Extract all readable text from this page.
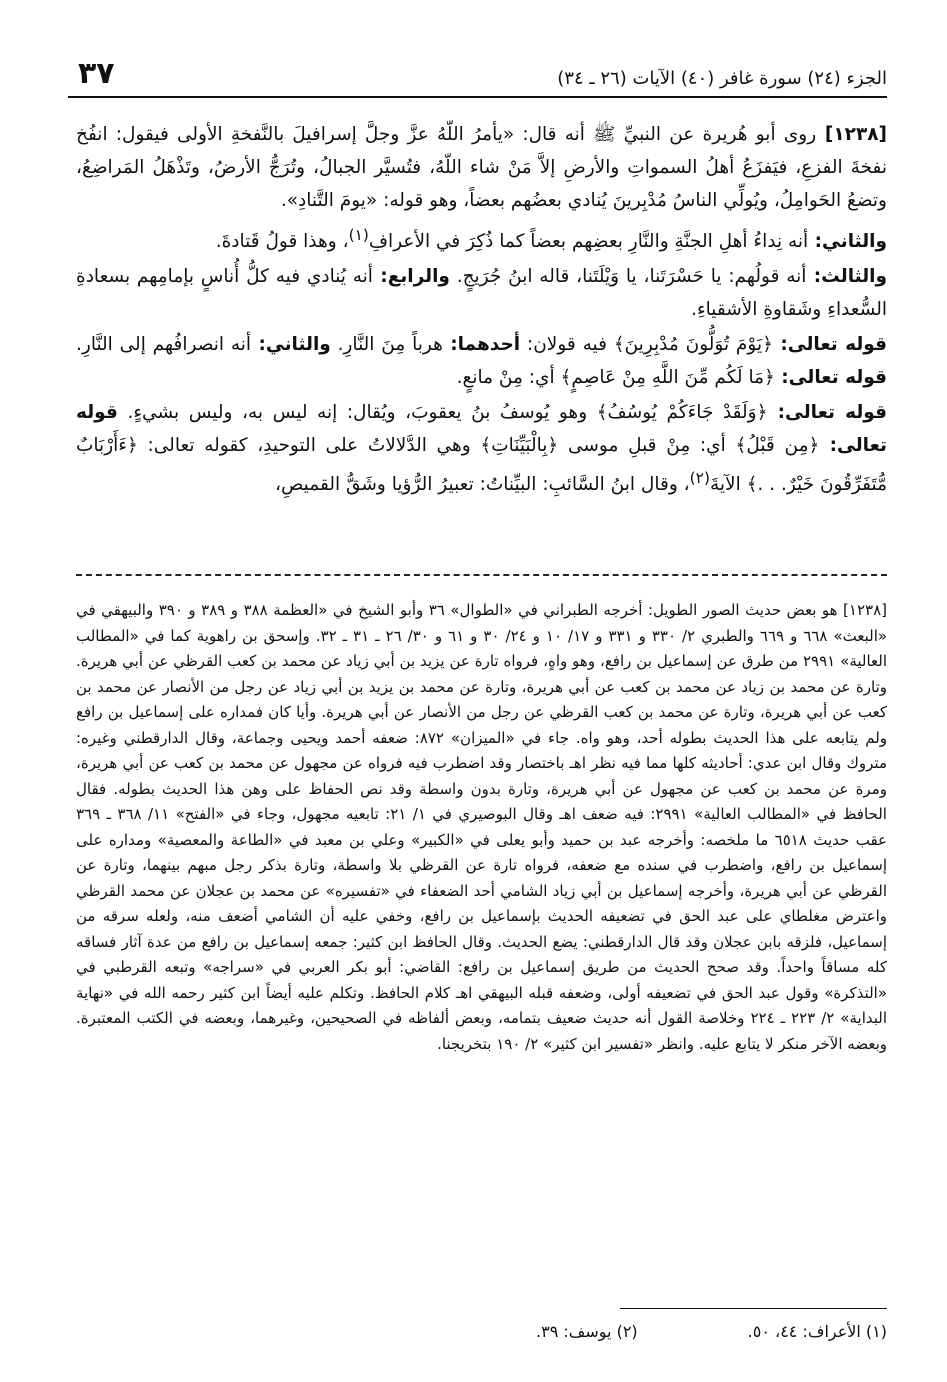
٣٧	الجزء (٢٤) سورة غافر (٤٠) الآيات (٢٦ ـ ٣٤)

[١٢٣٨] روى أبو هُريرة عن النبيِّ ﷺ أنه قال: «يأمرُ اللّهُ عزَّ وجلَّ إسرافيلَ بالنَّفخةِ الأولى فيقول: انفُخ نفخةَ الفزعِ، فيَفزَعُ أهلُ السمواتِ والأرضِ إلاَّ مَنْ شاء اللّهُ، فتُسيَّر الجبالُ، وتُرَجُّ الأرضُ، وتَذْهَلُ المَراضِعُ، وتضعُ الحَوامِلُ، ويُولِّي الناسُ مُدْبِرينَ يُنادي بعضُهم بعضاً، وهو قوله: «يومَ التَّنادِ».

والثاني: أنه نِداءُ أهلِ الجنَّةِ والنَّارِ بعضِهم بعضاً كما ذُكِرَ في الأعرافِ$^{(١)}$، وهذا قولُ قَتادةَ.

والثالث: أنه قولُهم: يا حَسْرَتَنا، يا وَيْلَتَنا، قاله ابنُ جُرَيجٍ. والرابع: أنه يُنادي فيه كلُّ أُناسٍ بإمامِهم بسعادةِ السُّعداءِ وشَقاوةِ الأشقياءِ.

قوله تعالى: ﴿يَوْمَ تُوَلُّونَ مُدْبِرِينَ﴾ فيه قولان: أحدهما: هرباً مِنَ النَّارِ. والثاني: أنه انصرافُهم إلى النَّارِ. قوله تعالى: ﴿مَا لَكُم مِّنَ اللَّهِ مِنْ عَاصِمٍ﴾ أي: مِنْ مانعٍ.

قوله تعالى: ﴿وَلَقَدْ جَاءَكُمْ يُوسُفُ﴾ وهو يُوسفُ بنُ يعقوبَ، ويُقال: إنه ليس به، وليس بشيءٍ. قوله تعالى: ﴿مِن قَبْلُ﴾ أي: مِنْ قبلِ موسى ﴿بِالْبَيِّنَاتِ﴾ وهي الدَّلالاتُ على التوحيدِ، كقوله تعالى: ﴿ءَأَرْبَابٌ مُّتَفَرِّقُونَ خَيْرٌ. . .﴾ الآيةَ$^{(٢)}$، وقال ابنُ السَّائبِ: البيِّناتُ: تعبيرُ الرُّؤيا وشَقُّ القميصِ،

[١٢٣٨] هو بعض حديث الصور الطويل: أخرجه الطبراني في «الطوال» ٣٦ وأبو الشيخ في «العظمة ٣٨٨ و ٣٨٩ و ٣٩٠ والبيهقي في «البعث» ٦٦٨ و ٦٦٩ والطبري ٢/ ٣٣٠ و ٣٣١ و ١٧/ ١٠ و ٢٤/ ٣٠ و ٦١ و ٣٠/ ٢٦ ـ ٣١ ـ ٣٢. وإسحق بن راهوية كما في «المطالب العالية» ٢٩٩١ من طرق عن إسماعيل بن رافع، وهو واهٍ، فرواه تارة عن يزيد بن أبي زياد عن محمد بن كعب القرظي عن أبي هريرة. وتارة عن محمد بن زياد عن محمد بن كعب عن أبي هريرة، وتارة عن محمد بن يزيد بن أبي زياد عن رجل من الأنصار عن محمد بن كعب عن أبي هريرة، وتارة عن محمد بن كعب القرظي عن رجل من الأنصار عن أبي هريرة. وأيا كان فمداره على إسماعيل بن رافع ولم يتابعه على هذا الحديث بطوله أحد، وهو واه. جاء في «الميزان» ٨٧٢: ضعفه أحمد ويحيى وجماعة، وقال الدارقطني وغيره: متروك وقال ابن عدي: أحاديثه كلها مما فيه نظر اهـ باختصار وقد اضطرب فيه فرواه عن مجهول عن محمد بن كعب عن أبي هريرة، ومرة عن محمد بن كعب عن مجهول عن أبي هريرة، وتارة بدون واسطة وقد نص الحفاظ على وهن هذا الحديث بطوله. فقال الحافظ في «المطالب العالية» ٢٩٩١: فيه ضعف اهـ وقال البوصيري في ١/ ٢١: تابعيه مجهول، وجاء في «الفتح» ١١/ ٣٦٨ ـ ٣٦٩ عقب حديث ٦٥١٨ ما ملخصه: وأخرجه عبد بن حميد وأبو يعلى في «الكبير» وعلي بن معبد في «الطاعة والمعصية» ومداره على إسماعيل بن رافع، واضطرب في سنده مع ضعفه، فرواه تارة عن القرظي بلا واسطة، وتارة بذكر رجل مبهم بينهما، وتارة عن القرظي عن أبي هريرة، وأخرجه إسماعيل بن أبي زياد الشامي أحد الضعفاء في «تفسيره» عن محمد بن عجلان عن محمد القرظي واعترض مغلطاي على عبد الحق في تضعيفه الحديث بإسماعيل بن رافع، وخفي عليه أن الشامي أضعف منه، ولعله سرقه من إسماعيل، فلزقه بابن عجلان وقد قال الدارقطني: يضع الحديث. وقال الحافظ ابن كثير: جمعه إسماعيل بن رافع من عدة آثار فساقه كله مساقاً واحداً. وقد صحح الحديث من طريق إسماعيل بن رافع: القاضي: أبو بكر العربي في «سراجه» وتبعه القرطبي في «التذكرة» وقول عبد الحق في تضعيفه أولى، وضعفه قبله البيهقي اهـ كلام الحافظ. وتكلم عليه أيضاً ابن كثير رحمه الله في «نهاية البداية» ٢/ ٢٢٣ ـ ٢٢٤ وخلاصة القول أنه حديث ضعيف بتمامه، وبعض ألفاظه في الصحيحين، وغيرهما، وبعضه في الكتب المعتبرة. وبعضه الآخر منكر لا يتابع عليه. وانظر «تفسير ابن كثير» ٢/ ١٩٠ بتخريجنا.

(١) الأعراف: ٤٤، ٥٠.
(٢) يوسف: ٣٩.
